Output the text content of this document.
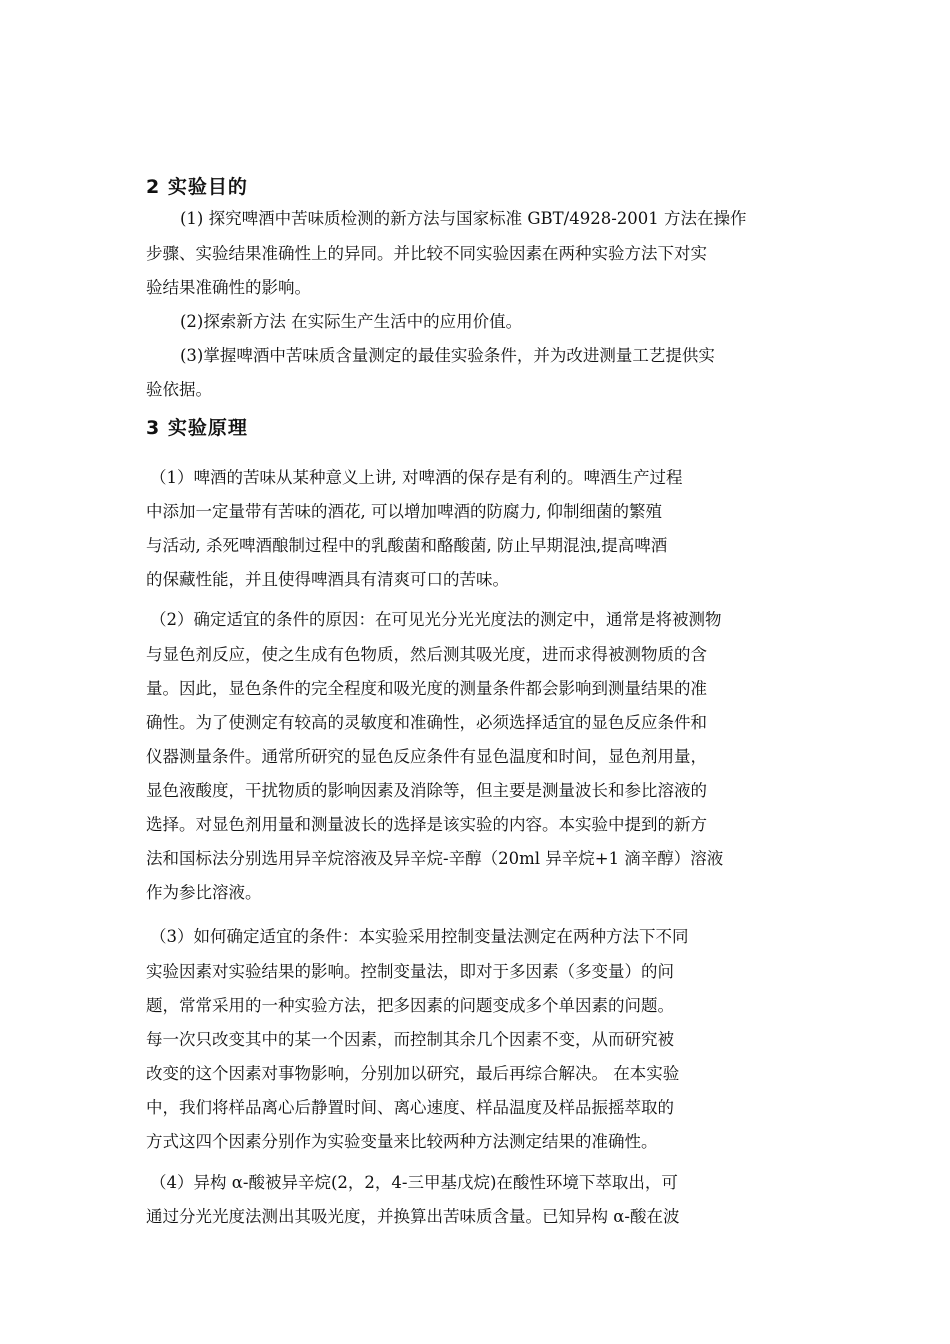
2 实验目的
(1) 探究啤酒中苦味质检测的新方法与国家标准 GBT/4928-2001 方法在操作
步骤、实验结果准确性上的异同。并比较不同实验因素在两种实验方法下对实
验结果准确性的影响。
(2)探索新方法 在实际生产生活中的应用价值。
(3)掌握啤酒中苦味质含量测定的最佳实验条件，并为改进测量工艺提供实
验依据。
3 实验原理
（1）啤酒的苦味从某种意义上讲, 对啤酒的保存是有利的。啤酒生产过程
中添加一定量带有苦味的酒花, 可以增加啤酒的防腐力, 仰制细菌的繁殖
与活动, 杀死啤酒酿制过程中的乳酸菌和酪酸菌, 防止早期混浊,提高啤酒
的保藏性能，并且使得啤酒具有清爽可口的苦味。
（2）确定适宜的条件的原因：在可见光分光光度法的测定中，通常是将被测物
与显色剂反应，使之生成有色物质，然后测其吸光度，进而求得被测物质的含
量。因此，显色条件的完全程度和吸光度的测量条件都会影响到测量结果的准
确性。为了使测定有较高的灵敏度和准确性，必须选择适宜的显色反应条件和
仪器测量条件。通常所研究的显色反应条件有显色温度和时间，显色剂用量，
显色液酸度，干扰物质的影响因素及消除等，但主要是测量波长和参比溶液的
选择。对显色剂用量和测量波长的选择是该实验的内容。本实验中提到的新方
法和国标法分别选用异辛烷溶液及异辛烷-辛醇（20ml 异辛烷+1 滴辛醇）溶液
作为参比溶液。
（3）如何确定适宜的条件：本实验采用控制变量法测定在两种方法下不同
实验因素对实验结果的影响。控制变量法，即对于多因素（多变量）的问
题，常常采用的一种实验方法，把多因素的问题变成多个单因素的问题。
每一次只改变其中的某一个因素，而控制其余几个因素不变，从而研究被
改变的这个因素对事物影响，分别加以研究，最后再综合解决。 在本实验
中，我们将样品离心后静置时间、离心速度、样品温度及样品振摇萃取的
方式这四个因素分别作为实验变量来比较两种方法测定结果的准确性。
（4）异构 α-酸被异辛烷(2，2，4-三甲基戊烷)在酸性环境下萃取出，可
通过分光光度法测出其吸光度，并换算出苦味质含量。已知异构 α-酸在波
